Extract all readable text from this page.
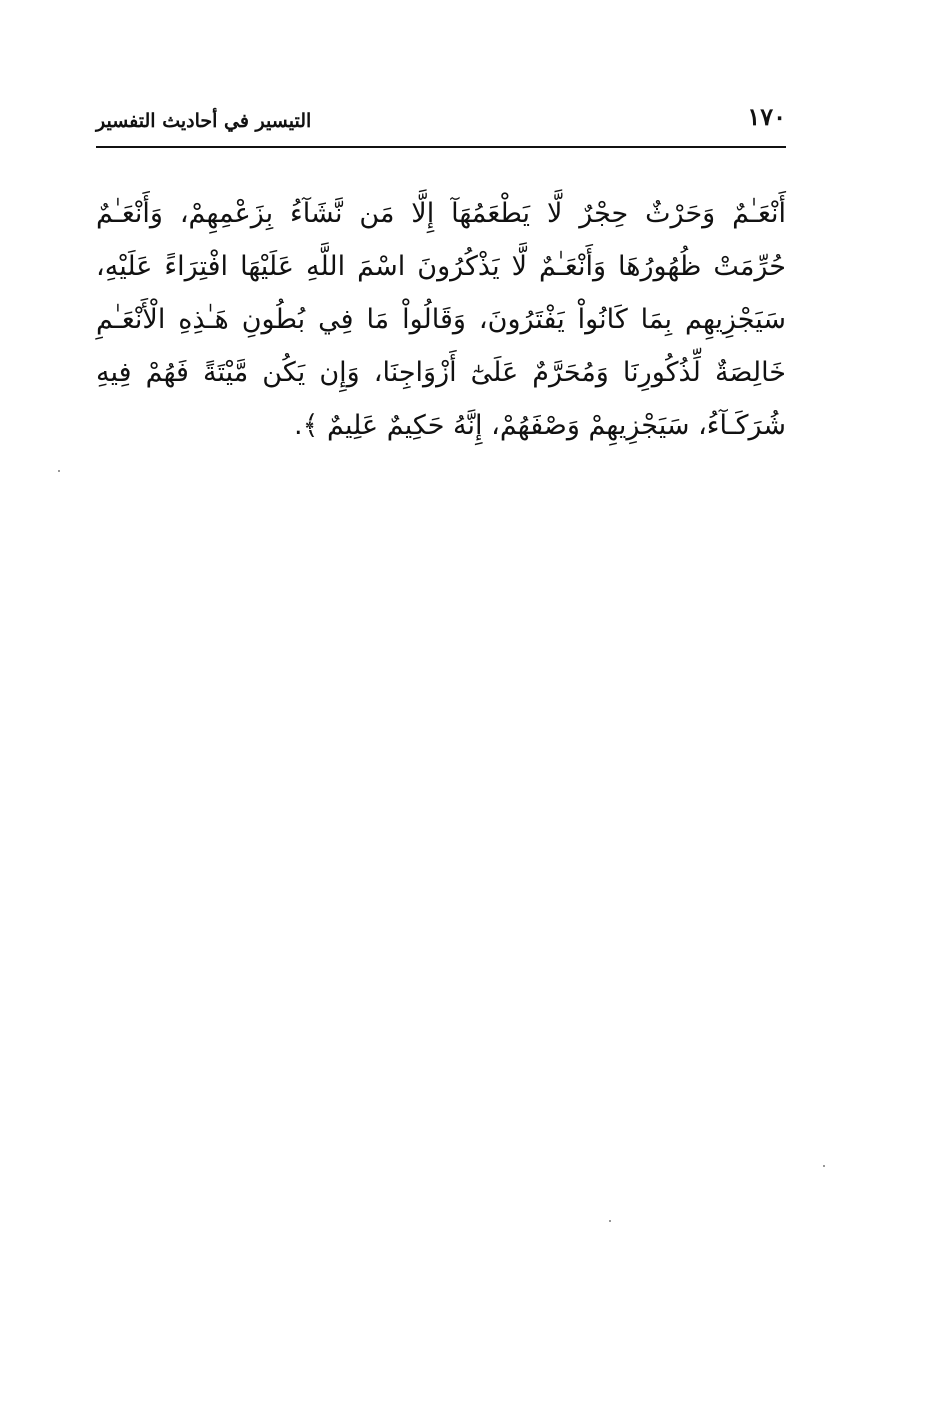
التيسير في أحاديث التفسير	١٧٠

أَنْعَـٰمٌ وَحَرْثٌ حِجْرٌ لَّا يَطْعَمُهَآ إِلَّا مَن نَّشَآءُ بِزَعْمِهِمْ، وَأَنْعَـٰمٌ حُرِّمَتْ ظُهُورُهَا وَأَنْعَـٰمٌ لَّا يَذْكُرُونَ اسْمَ اللَّهِ عَلَيْهَا افْتِرَاءً عَلَيْهِ، سَيَجْزِيهِم بِمَا كَانُواْ يَفْتَرُونَ، وَقَالُواْ مَا فِي بُطُونِ هَـٰذِهِ الْأَنْعَـٰمِ خَالِصَةٌ لِّذُكُورِنَا وَمُحَرَّمٌ عَلَىٰٓ أَزْوَاجِنَا، وَإِن يَكُن مَّيْتَةً فَهُمْ فِيهِ شُرَكَـآءُ، سَيَجْزِيهِمْ وَصْفَهُمْ، إِنَّهُ حَكِيمٌ عَلِيمٌ ﴾.
